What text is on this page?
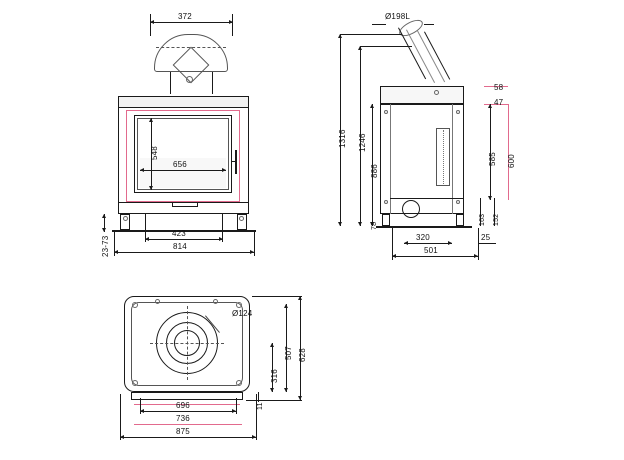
372
548
656
23-73
423
814
Ø198L
1316 1246
886
78
58
47
585 600
163 152
320	25
501
Ø124
696
736
875
628
507
316
11
